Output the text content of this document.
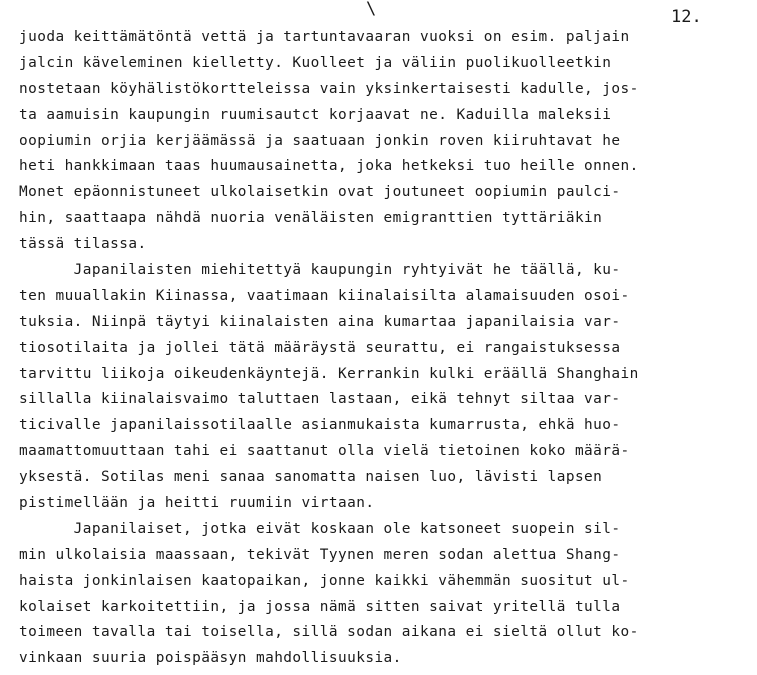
\	12.
juoda keittämätöntä vettä ja tartuntavaaran vuoksi on esim. paljain
jalcin käveleminen kielletty. Kuolleet ja väliin puolikuolleetkin
nostetaan köyhälistökortteleissa vain yksinkertaisesti kadulle, jos-
ta aamuisin kaupungin ruumisautct korjaavat ne. Kaduilla maleksii
oopiumin orjia kerjäämässä ja saatuaan jonkin roven kiiruhtavat he
heti hankkimaan taas huumausainetta, joka hetkeksi tuo heille onnen.
Monet epäonnistuneet ulkolaisetkin ovat joutuneet oopiumin paulci-
hin, saattaapa nähdä nuoria venäläisten emigranttien tyttäriäkin
tässä tilassa.
Japanilaisten miehitettyä kaupungin ryhtyivät he täällä, ku-
ten muuallakin Kiinassa, vaatimaan kiinalaisilta alamaisuuden osoi-
tuksia. Niinpä täytyi kiinalaisten aina kumartaa japanilaisia var-
tiosotilaita ja jollei tätä määräystä seurattu, ei rangaistuksessa
tarvittu liikoja oikeudenkäyntejä. Kerrankin kulki eräällä Shanghain
sillalla kiinalaisvaimo taluttaen lastaan, eikä tehnyt siltaa var-
ticivalle japanilaissotilaalle asianmukaista kumarrusta, ehkä huo-
maamattomuuttaan tahi ei saattanut olla vielä tietoinen koko määrä-
yksestä. Sotilas meni sanaa sanomatta naisen luo, lävisti lapsen
pistimellään ja heitti ruumiin virtaan.
Japanilaiset, jotka eivät koskaan ole katsoneet suopein sil-
min ulkolaisia maassaan, tekivät Tyynen meren sodan alettua Shang-
haista jonkinlaisen kaatopaikan, jonne kaikki vähemmän suositut ul-
kolaiset karkoitettiin, ja jossa nämä sitten saivat yritellä tulla
toimeen tavalla tai toisella, sillä sodan aikana ei sieltä ollut ko-
vinkaan suuria poispääsyn mahdollisuuksia.
